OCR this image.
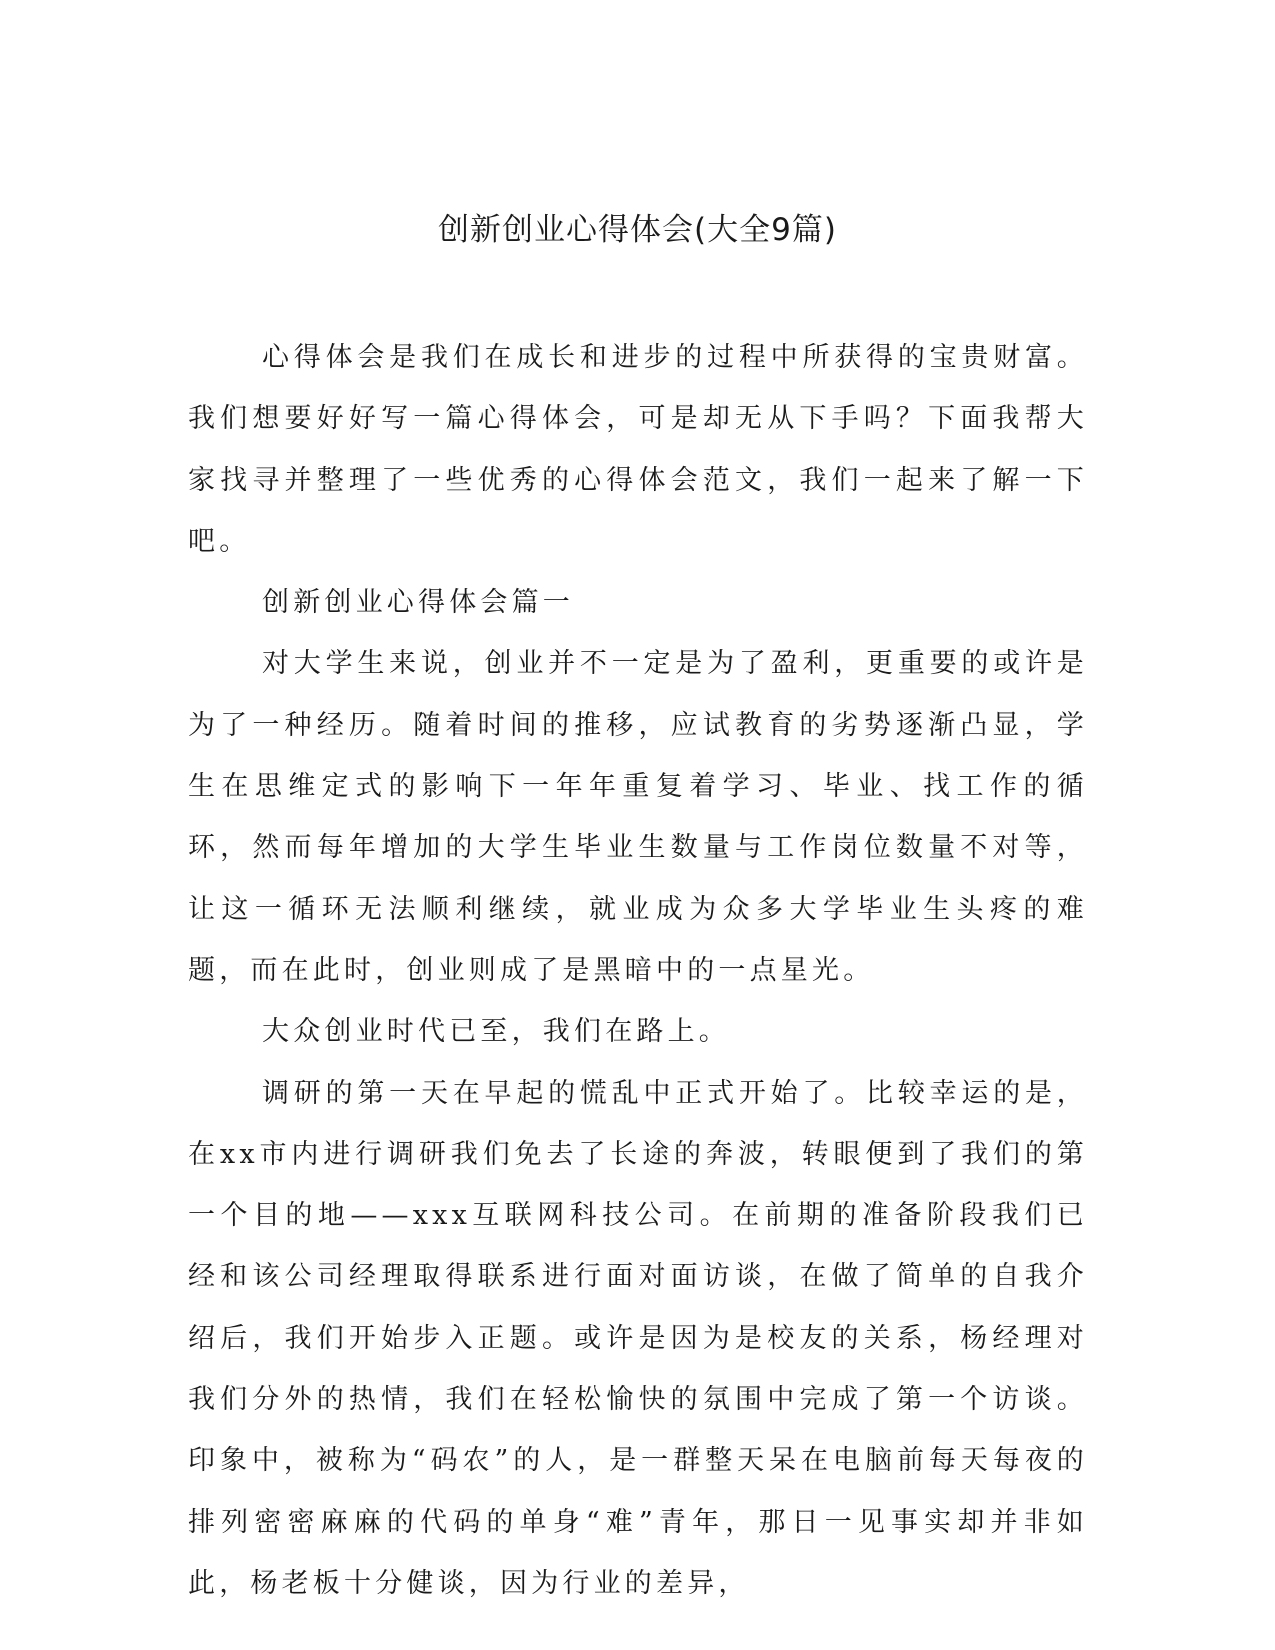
创新创业心得体会(大全9篇)

心得体会是我们在成长和进步的过程中所获得的宝贵财富。我们想要好好写一篇心得体会，可是却无从下手吗？下面我帮大家找寻并整理了一些优秀的心得体会范文，我们一起来了解一下吧。

创新创业心得体会篇一

对大学生来说，创业并不一定是为了盈利，更重要的或许是为了一种经历。随着时间的推移，应试教育的劣势逐渐凸显，学生在思维定式的影响下一年年重复着学习、毕业、找工作的循环，然而每年增加的大学生毕业生数量与工作岗位数量不对等，让这一循环无法顺利继续，就业成为众多大学毕业生头疼的难题，而在此时，创业则成了是黑暗中的一点星光。

大众创业时代已至，我们在路上。

调研的第一天在早起的慌乱中正式开始了。比较幸运的是，在xx市内进行调研我们免去了长途的奔波，转眼便到了我们的第一个目的地——xxx互联网科技公司。在前期的准备阶段我们已经和该公司经理取得联系进行面对面访谈，在做了简单的自我介绍后，我们开始步入正题。或许是因为是校友的关系，杨经理对我们分外的热情，我们在轻松愉快的氛围中完成了第一个访谈。印象中，被称为“码农”的人，是一群整天呆在电脑前每天每夜的排列密密麻麻的代码的单身“难”青年，那日一见事实却并非如此，杨老板十分健谈，因为行业的差异，
